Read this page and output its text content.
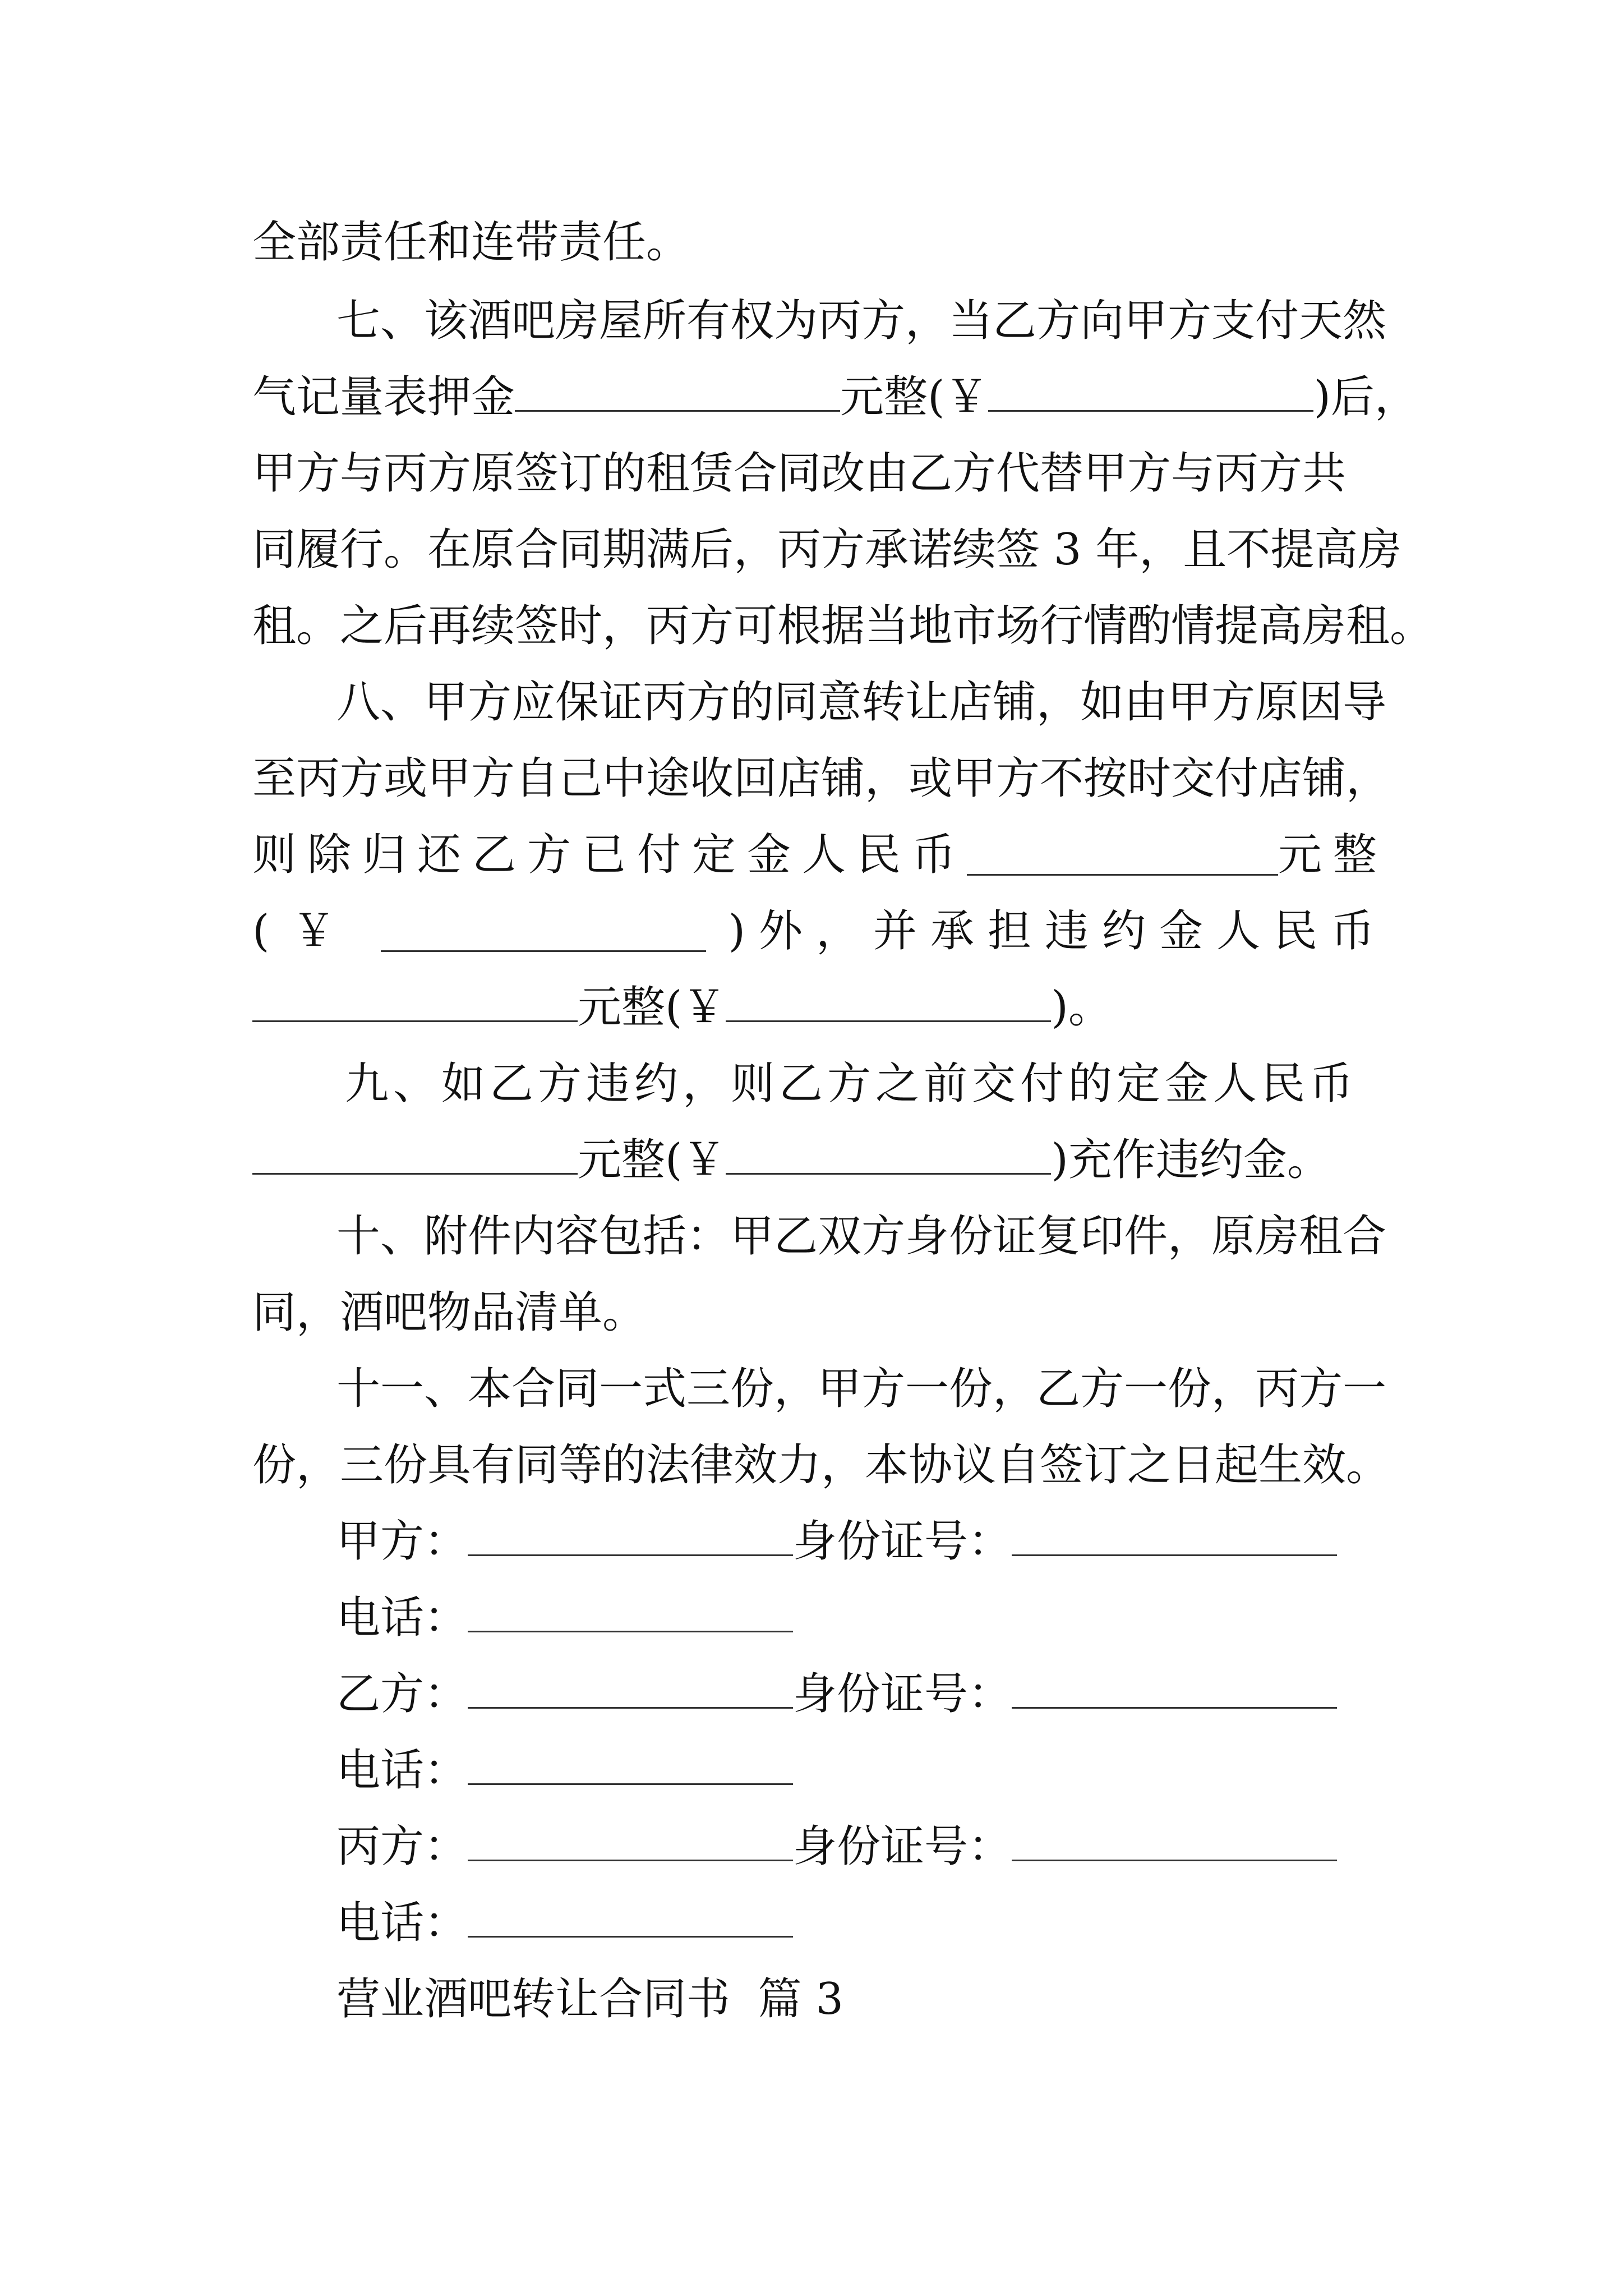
全部责任和连带责任。
七、该酒吧房屋所有权为丙方，当乙方向甲方支付天然
气记量表押金	元整(￥	)后，
甲方与丙方原签订的租赁合同改由乙方代替甲方与丙方共
同履行。在原合同期满后，丙方承诺续签 3 年，且不提高房
租。之后再续签时，丙方可根据当地市场行情酌情提高房租。
八、甲方应保证丙方的同意转让店铺，如由甲方原因导
至丙方或甲方自己中途收回店铺，或甲方不按时交付店铺，
则除归还乙方已付定金人民币	元整
(￥	)外，并承担违约金人民币
元整(￥	)。
九、如乙方违约，则乙方之前交付的定金人民币
元整(￥	)充作违约金。
十、附件内容包括：甲乙双方身份证复印件，原房租合
同，酒吧物品清单。
十一、本合同一式三份，甲方一份，乙方一份，丙方一
份，三份具有同等的法律效力，本协议自签订之日起生效。
甲方：	身份证号：
电话：
乙方：	身份证号：
电话：
丙方：	身份证号：
电话：
营业酒吧转让合同书  篇 3
